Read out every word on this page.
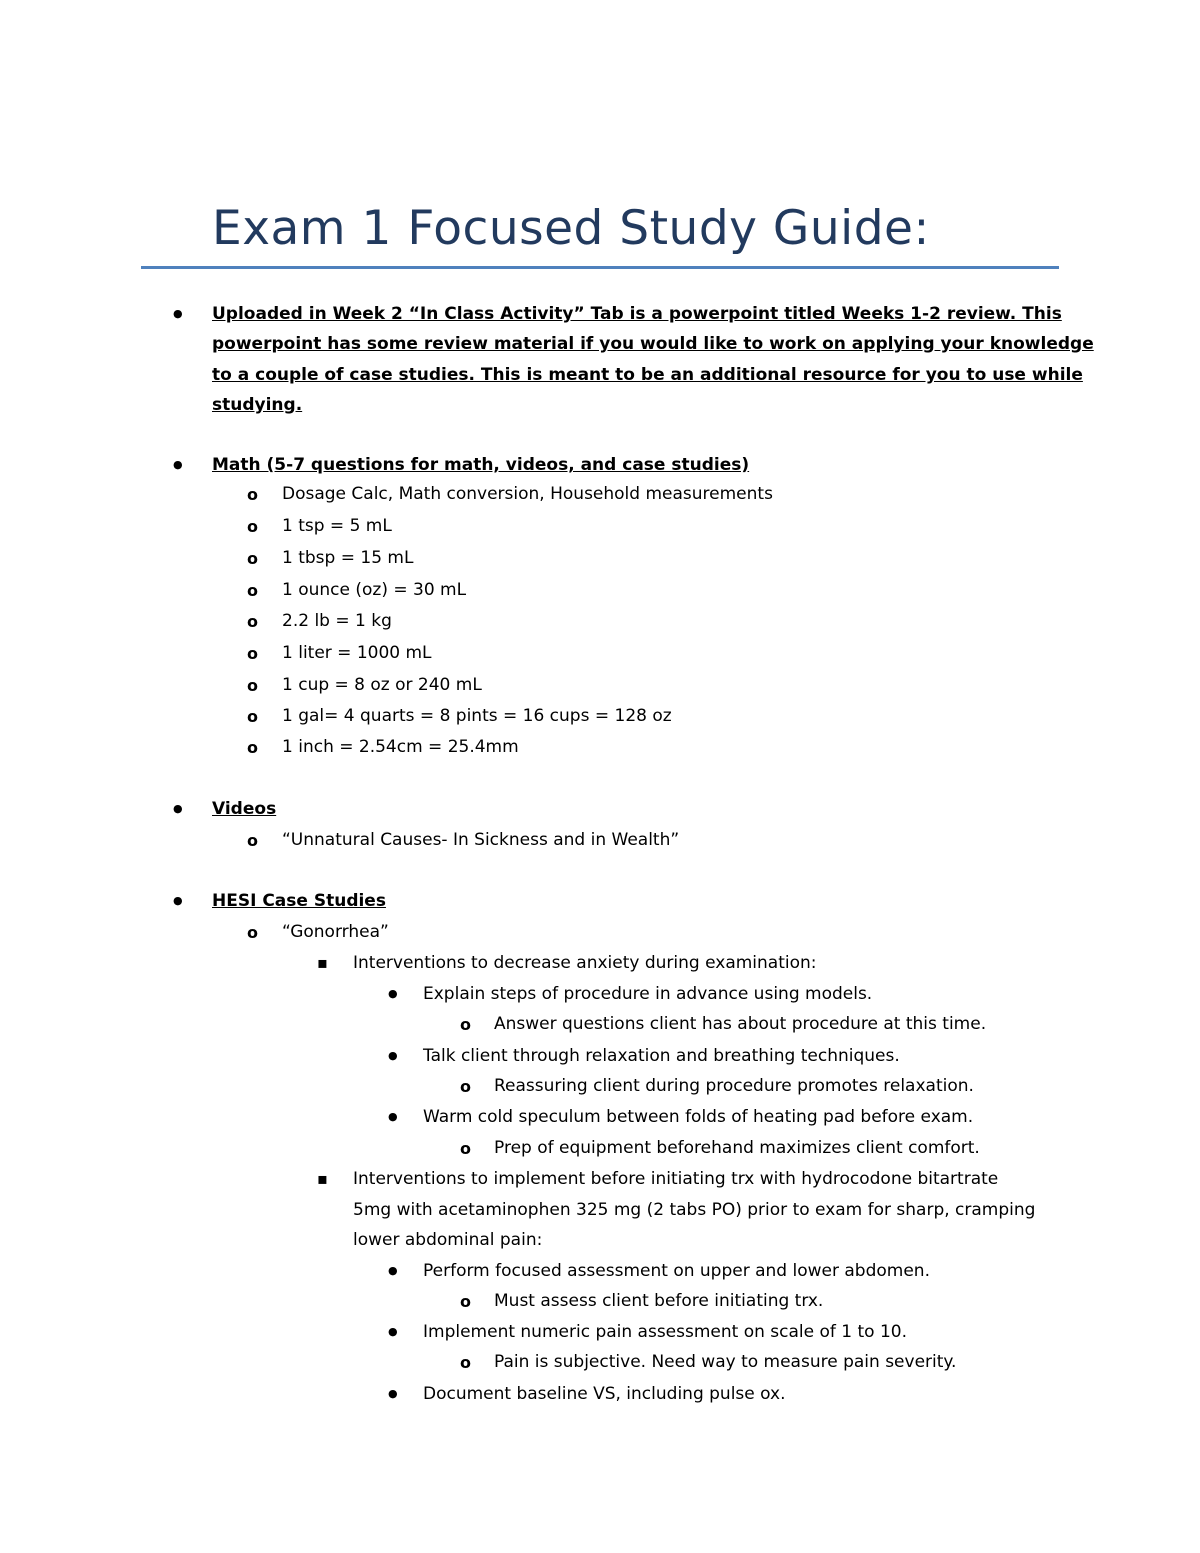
Exam 1 Focused Study Guide:
●
Uploaded in Week 2 “In Class Activity” Tab is a powerpoint titled Weeks 1-2 review. This
powerpoint has some review material if you would like to work on applying your knowledge
to a couple of case studies. This is meant to be an additional resource for you to use while
studying.
●
Math (5-7 questions for math, videos, and case studies)
o Dosage Calc, Math conversion, Household measurements
o 1 tsp = 5 mL
o 1 tbsp = 15 mL
o 1 ounce (oz) = 30 mL
o 2.2 lb = 1 kg
o 1 liter = 1000 mL
o 1 cup = 8 oz or 240 mL
o 1 gal= 4 quarts = 8 pints = 16 cups = 128 oz
o 1 inch = 2.54cm = 25.4mm
●
Videos
o “Unnatural Causes- In Sickness and in Wealth”
●
HESI Case Studies
o “Gonorrhea”
▪
Interventions to decrease anxiety during examination:
●
Explain steps of procedure in advance using models.
o Answer questions client has about procedure at this time.
●
Talk client through relaxation and breathing techniques.
o Reassuring client during procedure promotes relaxation.
●
Warm cold speculum between folds of heating pad before exam.
o Prep of equipment beforehand maximizes client comfort.
▪
Interventions to implement before initiating trx with hydrocodone bitartrate
5mg with acetaminophen 325 mg (2 tabs PO) prior to exam for sharp, cramping
lower abdominal pain:
●
Perform focused assessment on upper and lower abdomen.
o Must assess client before initiating trx.
●
Implement numeric pain assessment on scale of 1 to 10.
o Pain is subjective. Need way to measure pain severity.
●
Document baseline VS, including pulse ox.
